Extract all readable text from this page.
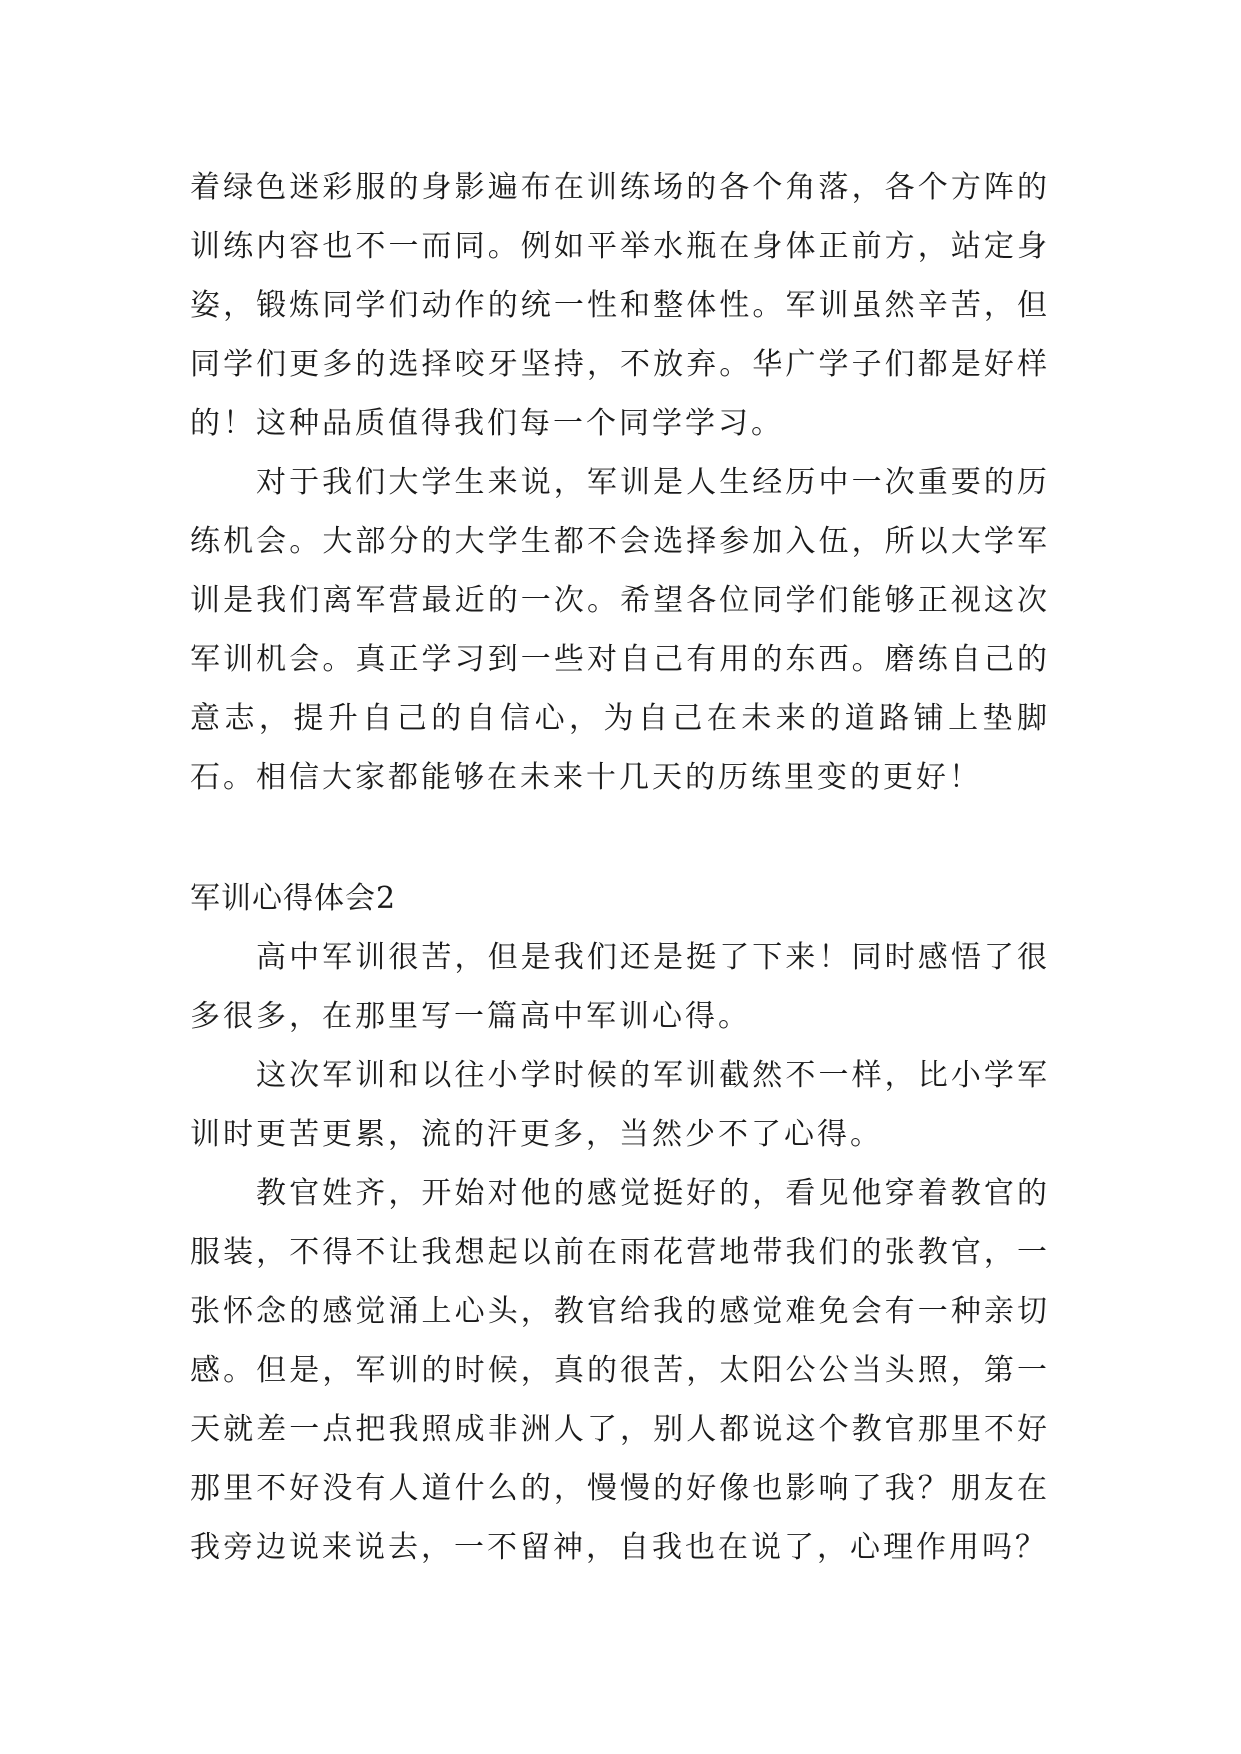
着绿色迷彩服的身影遍布在训练场的各个角落，各个方阵的训练内容也不一而同。例如平举水瓶在身体正前方，站定身姿，锻炼同学们动作的统一性和整体性。军训虽然辛苦，但同学们更多的选择咬牙坚持，不放弃。华广学子们都是好样的！这种品质值得我们每一个同学学习。

对于我们大学生来说，军训是人生经历中一次重要的历练机会。大部分的大学生都不会选择参加入伍，所以大学军训是我们离军营最近的一次。希望各位同学们能够正视这次军训机会。真正学习到一些对自己有用的东西。磨练自己的意志，提升自己的自信心，为自己在未来的道路铺上垫脚石。相信大家都能够在未来十几天的历练里变的更好！

军训心得体会2

高中军训很苦，但是我们还是挺了下来！同时感悟了很多很多，在那里写一篇高中军训心得。

这次军训和以往小学时候的军训截然不一样，比小学军训时更苦更累，流的汗更多，当然少不了心得。

教官姓齐，开始对他的感觉挺好的，看见他穿着教官的服装，不得不让我想起以前在雨花营地带我们的张教官，一张怀念的感觉涌上心头，教官给我的感觉难免会有一种亲切感。但是，军训的时候，真的很苦，太阳公公当头照，第一天就差一点把我照成非洲人了，别人都说这个教官那里不好那里不好没有人道什么的，慢慢的好像也影响了我？朋友在我旁边说来说去，一不留神，自我也在说了，心理作用吗？
